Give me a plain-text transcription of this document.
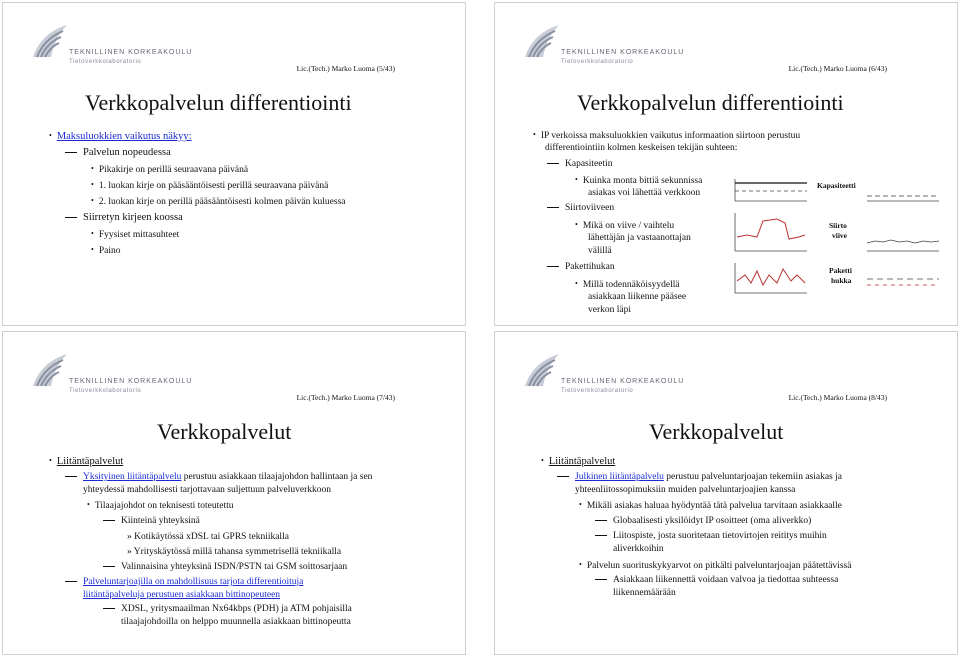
TEKNILLINEN KORKEAKOULU
Tietoverkkolaboratorio
Lic.(Tech.) Marko Luoma (5/43)
Verkkopalvelun differentiointi
• Maksuluokkien vaikutus näkyy:
Palvelun nopeudessa
• Pikakirje on perillä seuraavana päivänä
• 1. luokan kirje on pääsääntöisesti perillä seuraavana päivänä
• 2. luokan kirje on perillä pääsääntöisesti kolmen päivän kuluessa
Siirretyn kirjeen koossa
• Fyysiset mittasuhteet
• Paino
TEKNILLINEN KORKEAKOULU
Tietoverkkolaboratorio
Lic.(Tech.) Marko Luoma (6/43)
Verkkopalvelun differentiointi
• IP verkoissa maksuluokkien vaikutus informaation siirtoon perustuu
differentiointiin kolmen keskeisen tekijän suhteen:
Kapasiteetin
• Kuinka monta bittiä sekunnissa
asiakas voi lähettää verkkoon
Siirtoviiveen
• Mikä on viive / vaihtelu
lähettäjän ja vastaanottajan
välillä
Pakettihukan
• Millä todennäköisyydellä
asiakkaan liikenne pääsee
verkon läpi
Kapasiteetti
Siirto
viive
Paketti
hukka
TEKNILLINEN KORKEAKOULU
Tietoverkkolaboratorio
Lic.(Tech.) Marko Luoma (7/43)
Verkkopalvelut
• Liitäntäpalvelut
Yksityinen liitäntäpalvelu perustuu asiakkaan tilaajajohdon hallintaan ja sen
yhteydessä mahdollisesti tarjottavaan suljettuun palveluverkkoon
• Tilaajajohdot on teknisesti toteutettu
Kiinteinä yhteyksinä
» Kotikäytössä xDSL tai GPRS tekniikalla
» Yrityskäytössä millä tahansa symmetrisellä tekniikalla
Valinnaisina yhteyksinä ISDN/PSTN tai GSM soittosarjaan
Palveluntarjoajilla on mahdollisuus tarjota differentioituja
liitäntäpalveluja perustuen asiakkaan bittinopeuteen
XDSL, yritysmaailman Nx64kbps (PDH) ja ATM pohjaisilla
tilaajajohdoilla on helppo muunnella asiakkaan bittinopeutta
TEKNILLINEN KORKEAKOULU
Tietoverkkolaboratorio
Lic.(Tech.) Marko Luoma (8/43)
Verkkopalvelut
• Liitäntäpalvelut
Julkinen liitäntäpalvelu perustuu palveluntarjoajan tekemiin asiakas ja
yhteenliitossopimuksiin muiden palveluntarjoajien kanssa
• Mikäli asiakas haluaa hyödyntää tätä palvelua tarvitaan asiakkaalle
Globaalisesti yksilöidyt IP osoitteet (oma aliverkko)
Liitospiste, josta suoritetaan tietovirtojen reititys muihin
aliverkkoihin
• Palvelun suorituskykyarvot on pitkälti palveluntarjoajan päätettävissä
Asiakkaan liikennettä voidaan valvoa ja tiedottaa suhteessa
liikennemäärään
